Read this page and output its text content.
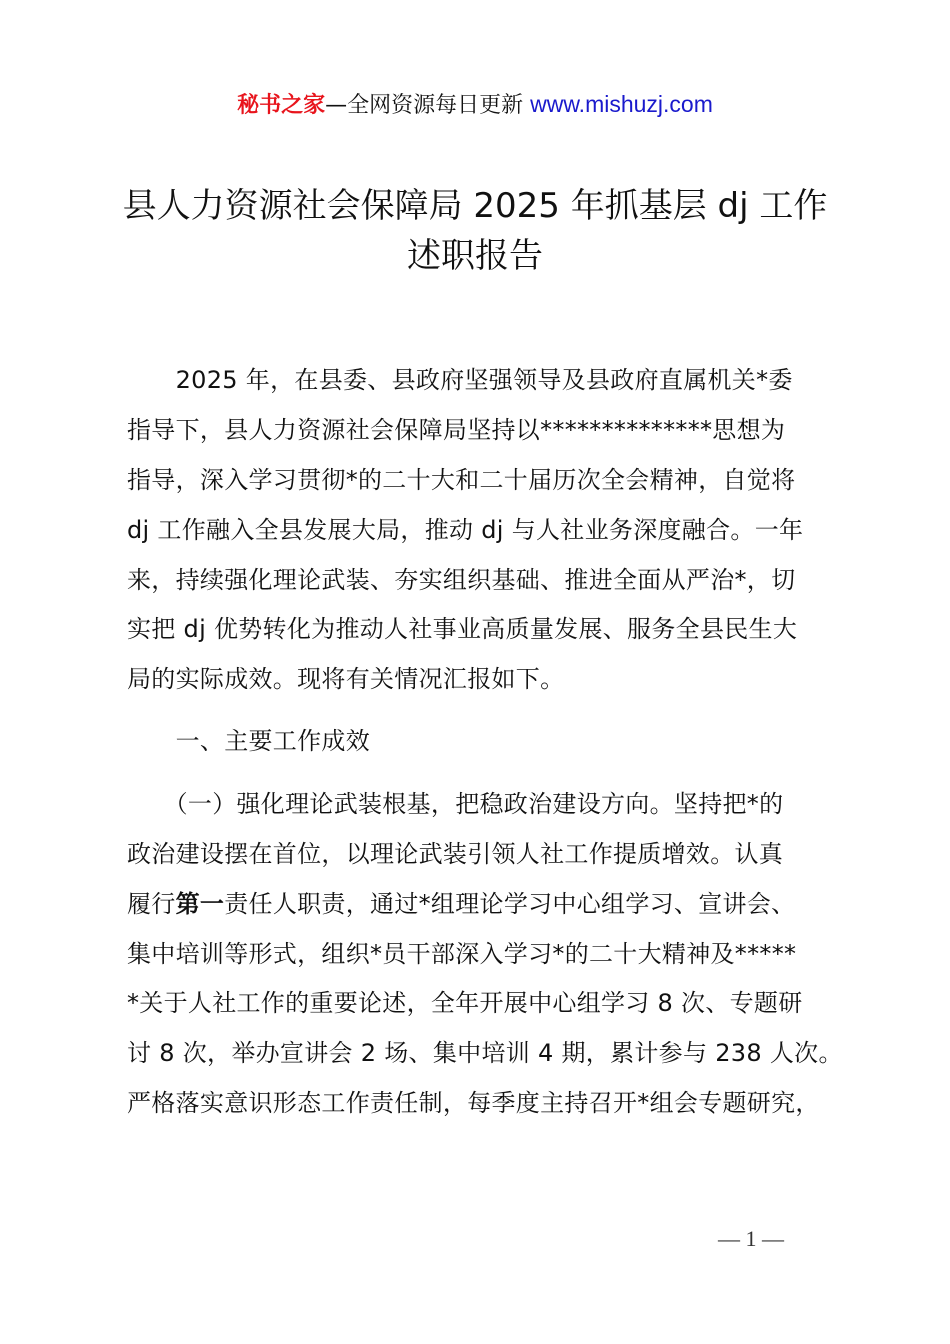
秘书之家—全网资源每日更新 www.mishuzj.com
县人力资源社会保障局 2025 年抓基层 dj 工作
述职报告
　　2025 年，在县委、县政府坚强领导及县政府直属机关*委
指导下，县人力资源社会保障局坚持以**************思想为
指导，深入学习贯彻*的二十大和二十届历次全会精神，自觉将
dj 工作融入全县发展大局，推动 dj 与人社业务深度融合。一年
来，持续强化理论武装、夯实组织基础、推进全面从严治*，切
实把 dj 优势转化为推动人社事业高质量发展、服务全县民生大
局的实际成效。现将有关情况汇报如下。
　　一、主要工作成效
　　（一）强化理论武装根基，把稳政治建设方向。坚持把*的
政治建设摆在首位，以理论武装引领人社工作提质增效。认真
履行第一责任人职责，通过*组理论学习中心组学习、宣讲会、
集中培训等形式，组织*员干部深入学习*的二十大精神及*****
*关于人社工作的重要论述，全年开展中心组学习 8 次、专题研
讨 8 次，举办宣讲会 2 场、集中培训 4 期，累计参与 238 人次。
严格落实意识形态工作责任制，每季度主持召开*组会专题研究，
— 1 —
